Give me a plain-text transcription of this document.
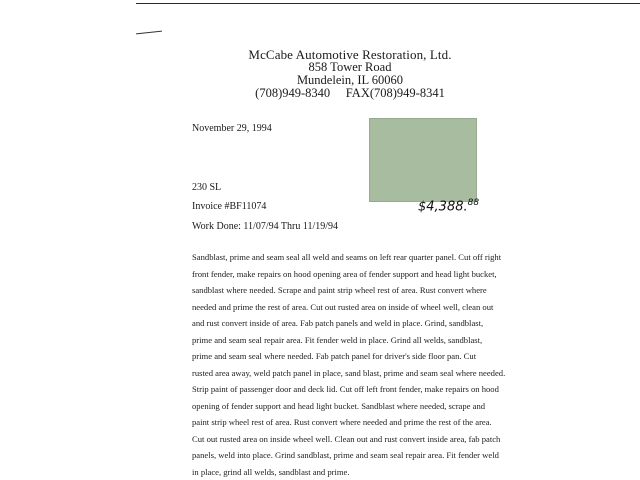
McCabe Automotive Restoration, Ltd.
858 Tower Road
Mundelein, IL 60060
(708)949-8340     FAX(708)949-8341
November 29, 1994
230 SL
Invoice #BF11074
Work Done: 11/07/94 Thru 11/19/94
$4,388.88
Sandblast, prime and seam seal all weld and seams on left rear quarter panel. Cut off right
front fender, make repairs on hood opening area of fender support and head light bucket,
sandblast where needed. Scrape and paint strip wheel rest of area. Rust convert where
needed and prime the rest of area. Cut out rusted area on inside of wheel well, clean out
and rust convert inside of area. Fab patch panels and weld in place. Grind, sandblast,
prime and seam seal repair area. Fit fender weld in place. Grind all welds, sandblast,
prime and seam seal where needed. Fab patch panel for driver's side floor pan. Cut
rusted area away, weld patch panel in place, sand blast, prime and seam seal where needed.
Strip paint of passenger door and deck lid. Cut off left front fender, make repairs on hood
opening of fender support and head light bucket. Sandblast where needed, scrape and
paint strip wheel rest of area. Rust convert where needed and prime the rest of the area.
Cut out rusted area on inside wheel well. Clean out and rust convert inside area, fab patch
panels, weld into place. Grind sandblast, prime and seam seal repair area. Fit fender weld
in place, grind all welds, sandblast and prime.
